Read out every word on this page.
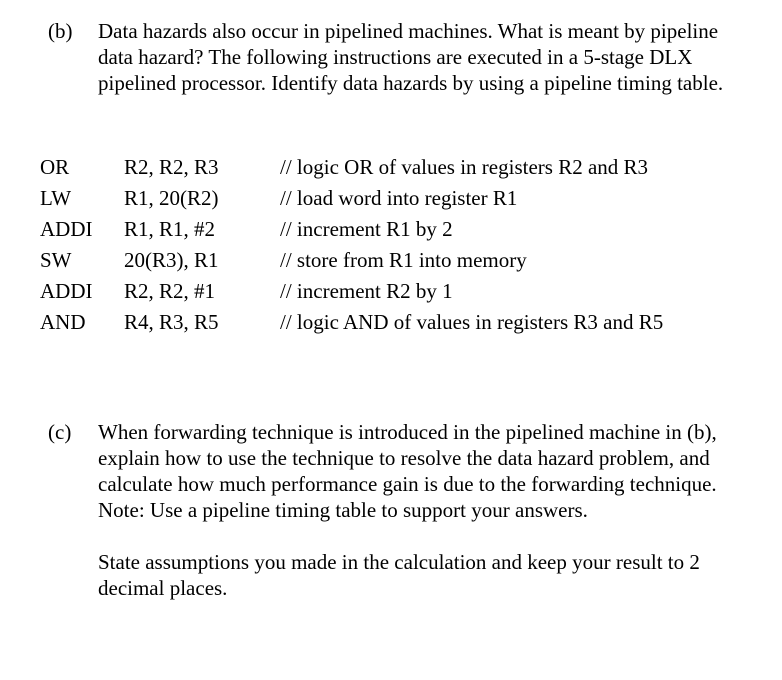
(b)	Data hazards also occur in pipelined machines. What is meant by pipeline data hazard? The following instructions are executed in a 5-stage DLX pipelined processor. Identify data hazards by using a pipeline timing table.

OR	R2, R2, R3	// logic OR of values in registers R2 and R3
LW	R1, 20(R2)	// load word into register R1
ADDI	R1, R1, #2	// increment R1 by 2
SW	20(R3), R1	// store from R1 into memory
ADDI	R2, R2, #1	// increment R2 by 1
AND	R4, R3, R5	// logic AND of values in registers R3 and R5
(c)	When forwarding technique is introduced in the pipelined machine in (b), explain how to use the technique to resolve the data hazard problem, and calculate how much performance gain is due to the forwarding technique.

Note: Use a pipeline timing table to support your answers.

State assumptions you made in the calculation and keep your result to 2 decimal places.
